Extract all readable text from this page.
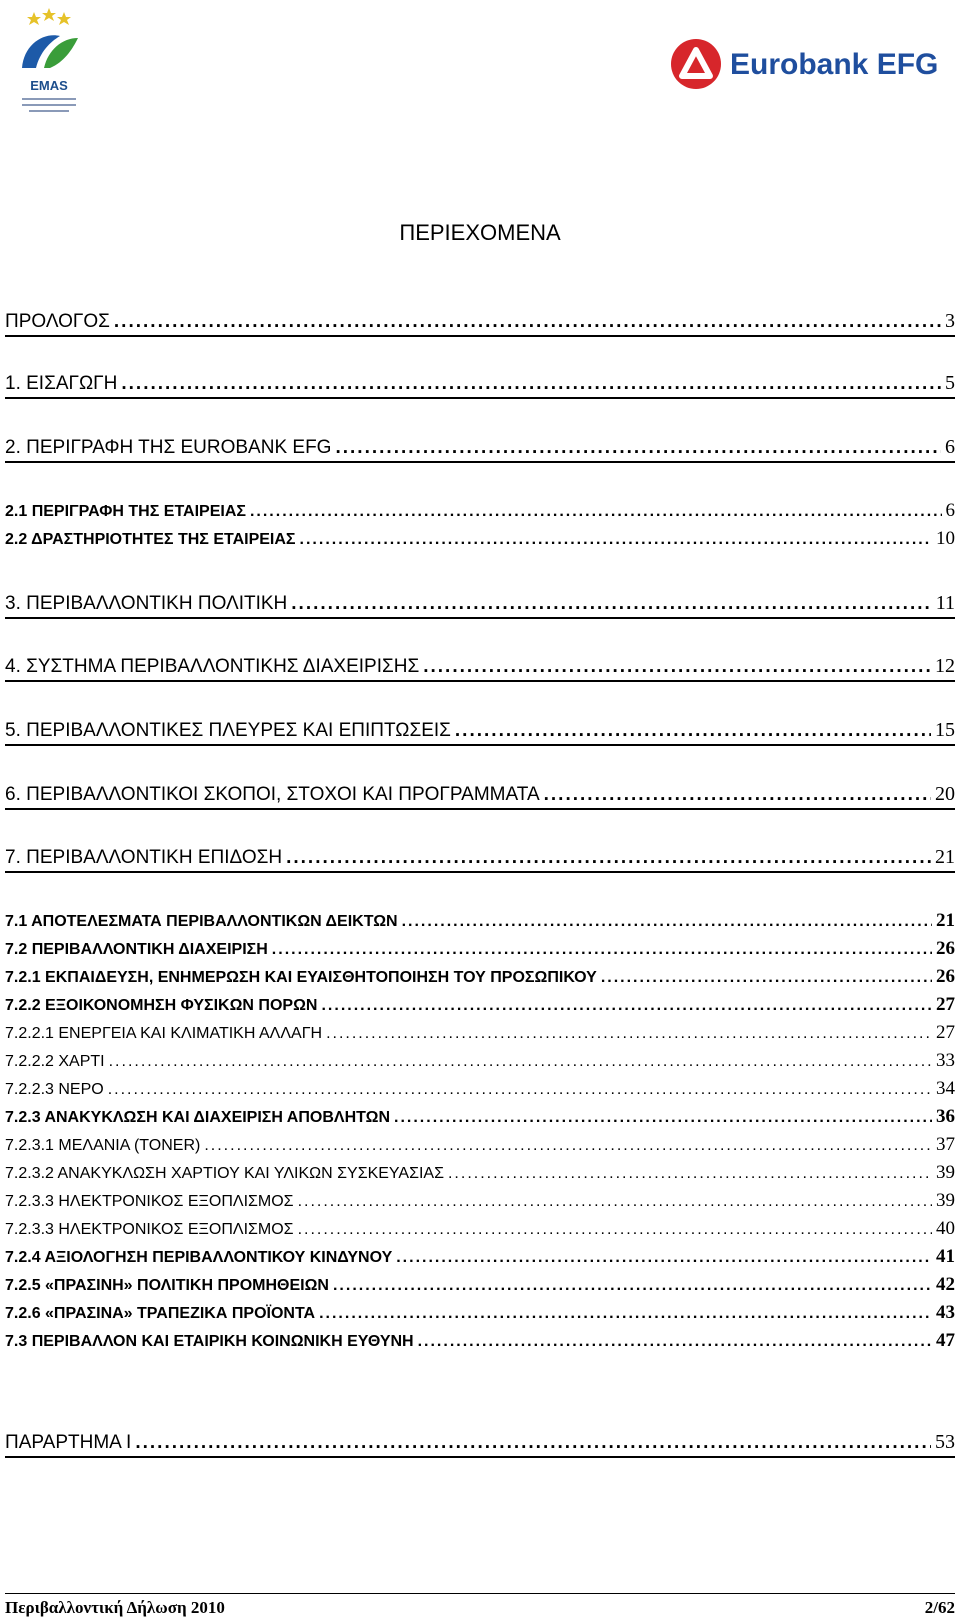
EMAS
Eurobank EFG
ΠΕΡΙΕΧΟΜΕΝΑ
ΠΡΟΛΟΓΟΣ .....	3
1. ΕΙΣΑΓΩΓΗ .....	5
2. ΠΕΡΙΓΡΑΦΗ ΤΗΣ EUROBANK EFG .....	6
2.1 ΠΕΡΙΓΡΑΦΗ ΤΗΣ ΕΤΑΙΡΕΙΑΣ .....	6
2.2 ΔΡΑΣΤΗΡΙΟΤΗΤΕΣ ΤΗΣ ΕΤΑΙΡΕΙΑΣ .....	10
3. ΠΕΡΙΒΑΛΛΟΝΤΙΚΗ ΠΟΛΙΤΙΚΗ .....	11
4. ΣΥΣΤΗΜΑ ΠΕΡΙΒΑΛΛΟΝΤΙΚΗΣ ΔΙΑΧΕΙΡΙΣΗΣ .....	12
5. ΠΕΡΙΒΑΛΛΟΝΤΙΚΕΣ ΠΛΕΥΡΕΣ ΚΑΙ ΕΠΙΠΤΩΣΕΙΣ .....	15
6. ΠΕΡΙΒΑΛΛΟΝΤΙΚΟΙ ΣΚΟΠΟΙ, ΣΤΟΧΟΙ ΚΑΙ ΠΡΟΓΡΑΜΜΑΤΑ .....	20
7. ΠΕΡΙΒΑΛΛΟΝΤΙΚΗ ΕΠΙΔΟΣΗ .....	21
7.1 ΑΠΟΤΕΛΕΣΜΑΤΑ ΠΕΡΙΒΑΛΛΟΝΤΙΚΩΝ ΔΕΙΚΤΩΝ .....	21
7.2 ΠΕΡΙΒΑΛΛΟΝΤΙΚΗ ΔΙΑΧΕΙΡΙΣΗ .....	26
7.2.1 ΕΚΠΑΙΔΕΥΣΗ, ΕΝΗΜΕΡΩΣΗ ΚΑΙ ΕΥΑΙΣΘΗΤΟΠΟΙΗΣΗ ΤΟΥ ΠΡΟΣΩΠΙΚΟΥ .....	26
7.2.2 ΕΞΟΙΚΟΝΟΜΗΣΗ ΦΥΣΙΚΩΝ ΠΟΡΩΝ .....	27
7.2.2.1 ΕΝΕΡΓΕΙΑ ΚΑΙ ΚΛΙΜΑΤΙΚΗ ΑΛΛΑΓΗ .....	27
7.2.2.2 ΧΑΡΤΙ .....	33
7.2.2.3 ΝΕΡΟ .....	34
7.2.3 ΑΝΑΚΥΚΛΩΣΗ ΚΑΙ ΔΙΑΧΕΙΡΙΣΗ ΑΠΟΒΛΗΤΩΝ .....	36
7.2.3.1 ΜΕΛΑΝΙΑ (TONER) .....	37
7.2.3.2 ΑΝΑΚΥΚΛΩΣΗ ΧΑΡΤΙΟΥ ΚΑΙ ΥΛΙΚΩΝ ΣΥΣΚΕΥΑΣΙΑΣ .....	39
7.2.3.3 ΗΛΕΚΤΡΟΝΙΚΟΣ ΕΞΟΠΛΙΣΜΟΣ .....	39
7.2.3.3 ΗΛΕΚΤΡΟΝΙΚΟΣ ΕΞΟΠΛΙΣΜΟΣ .....	40
7.2.4 ΑΞΙΟΛΟΓΗΣΗ ΠΕΡΙΒΑΛΛΟΝΤΙΚΟΥ ΚΙΝΔΥΝΟΥ .....	41
7.2.5 «ΠΡΑΣΙΝΗ» ΠΟΛΙΤΙΚΗ ΠΡΟΜΗΘΕΙΩΝ .....	42
7.2.6 «ΠΡΑΣΙΝΑ» ΤΡΑΠΕΖΙΚΑ ΠΡΟΪΟΝΤΑ .....	43
7.3 ΠΕΡΙΒΑΛΛΟΝ ΚΑΙ ΕΤΑΙΡΙΚΗ ΚΟΙΝΩΝΙΚΗ ΕΥΘΥΝΗ .....	47
ΠΑΡΑΡΤΗΜΑ Ι .....	53
Περιβαλλοντική Δήλωση 2010	2/62
